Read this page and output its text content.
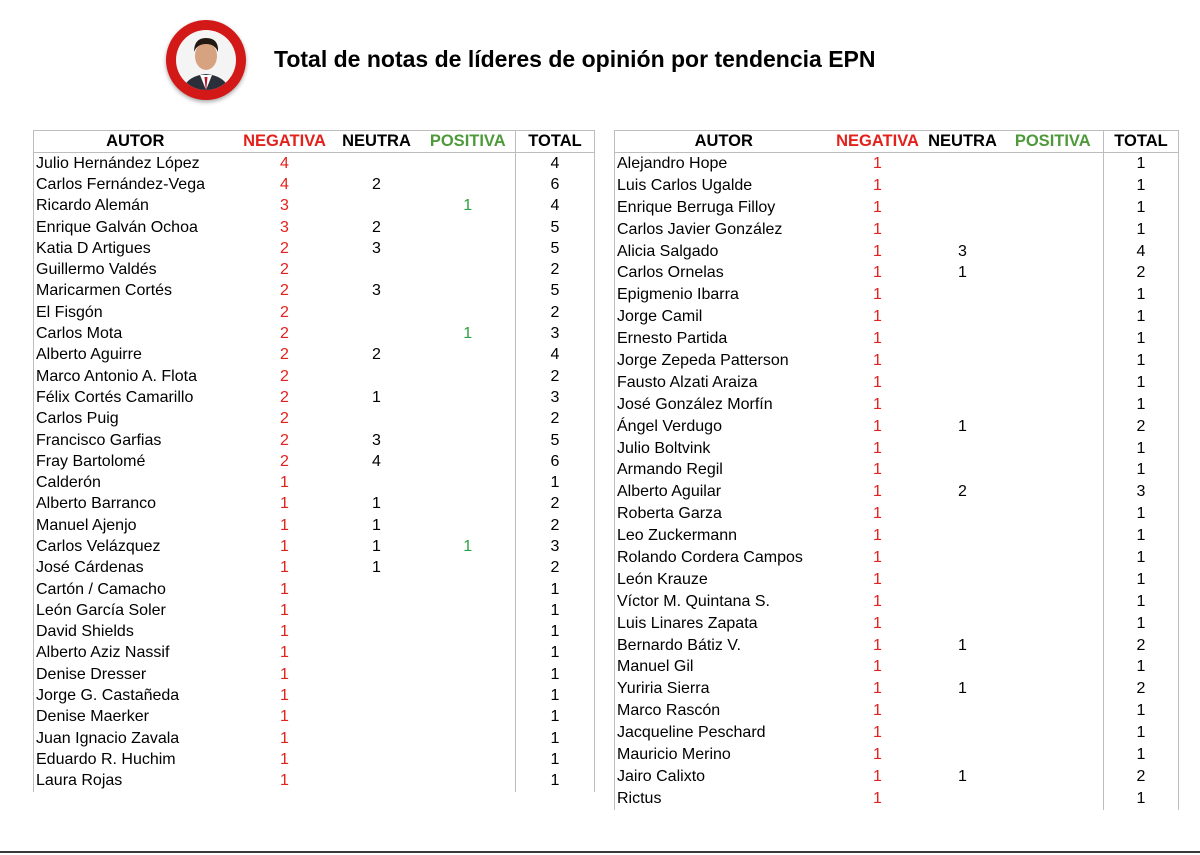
Total de notas de líderes de opinión por tendencia EPN
AUTOR	NEGATIVA	NEUTRA	POSITIVA	TOTAL
Julio Hernández López	4			4
Carlos Fernández-Vega	4	2		6
Ricardo Alemán	3		1	4
Enrique Galván Ochoa	3	2		5
Katia D Artigues	2	3		5
Guillermo Valdés	2			2
Maricarmen Cortés	2	3		5
El Fisgón	2			2
Carlos Mota	2		1	3
Alberto Aguirre	2	2		4
Marco Antonio A. Flota	2			2
Félix Cortés Camarillo	2	1		3
Carlos Puig	2			2
Francisco Garfias	2	3		5
Fray Bartolomé	2	4		6
Calderón	1			1
Alberto Barranco	1	1		2
Manuel Ajenjo	1	1		2
Carlos Velázquez	1	1	1	3
José Cárdenas	1	1		2
Cartón / Camacho	1			1
León García Soler	1			1
David Shields	1			1
Alberto Aziz Nassif	1			1
Denise Dresser	1			1
Jorge G. Castañeda	1			1
Denise Maerker	1			1
Juan Ignacio Zavala	1			1
Eduardo R. Huchim	1			1
Laura Rojas	1			1
AUTOR	NEGATIVA	NEUTRA	POSITIVA	TOTAL
Alejandro Hope	1			1
Luis Carlos Ugalde	1			1
Enrique Berruga Filloy	1			1
Carlos Javier González	1			1
Alicia Salgado	1	3		4
Carlos Ornelas	1	1		2
Epigmenio Ibarra	1			1
Jorge Camil	1			1
Ernesto Partida	1			1
Jorge Zepeda Patterson	1			1
Fausto Alzati Araiza	1			1
José González Morfín	1			1
Ángel Verdugo	1	1		2
Julio Boltvink	1			1
Armando Regil	1			1
Alberto Aguilar	1	2		3
Roberta Garza	1			1
Leo Zuckermann	1			1
Rolando Cordera Campos	1			1
León Krauze	1			1
Víctor M. Quintana S.	1			1
Luis Linares Zapata	1			1
Bernardo Bátiz V.	1	1		2
Manuel Gil	1			1
Yuriria Sierra	1	1		2
Marco Rascón	1			1
Jacqueline Peschard	1			1
Mauricio Merino	1			1
Jairo Calixto	1	1		2
Rictus	1			1
